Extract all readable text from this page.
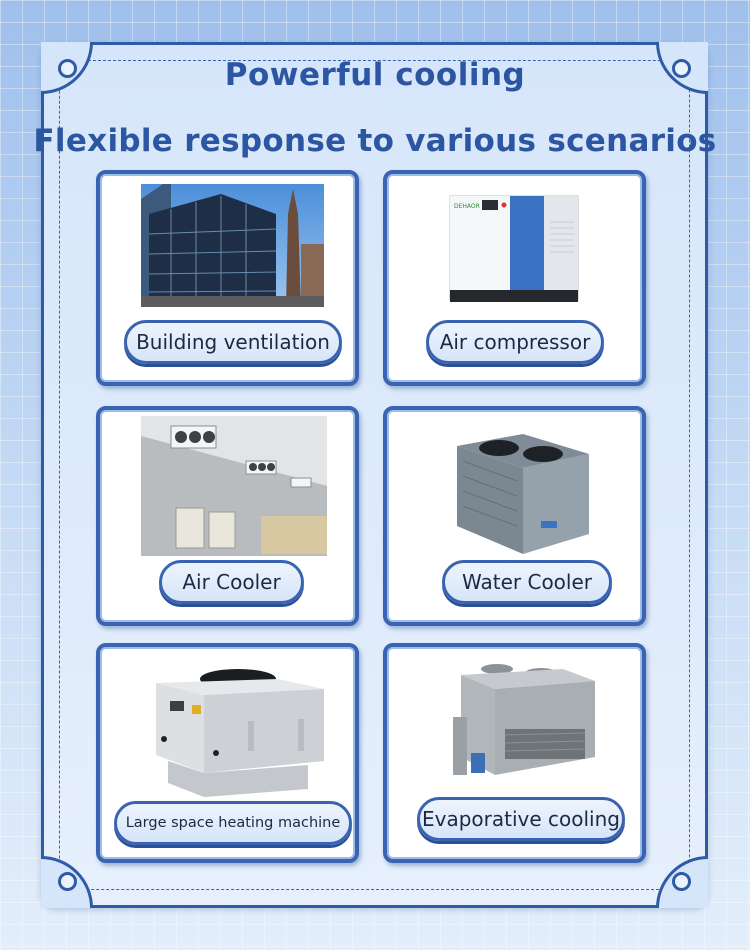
Powerful cooling
Flexible response to various scenarios
Building ventilation
DEHAOR
Air compressor
Air Cooler	Water Cooler
Large space heating machine	Evaporative cooling
